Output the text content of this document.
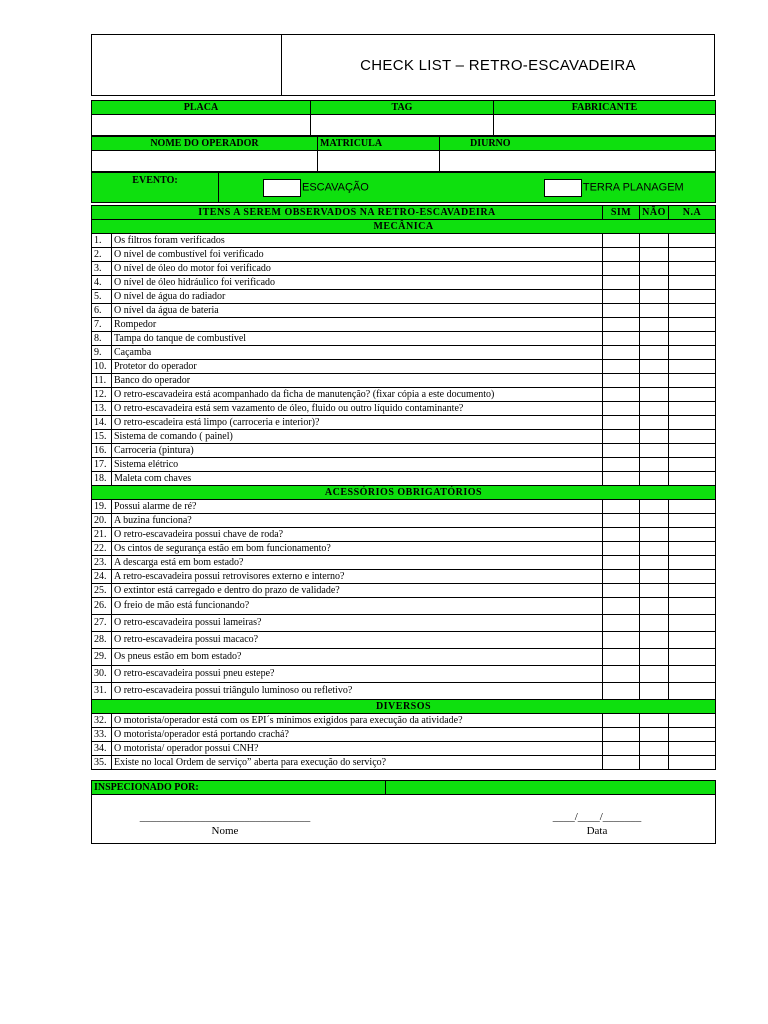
CHECK LIST – RETRO-ESCAVADEIRA
PLACA	TAG	FABRICANTE

NOME DO OPERADOR	MATRICULA	DIURNO

EVENTO:	ESCAVAÇÃO	TERRA PLANAGEM
ITENS A SEREM OBSERVADOS NA RETRO-ESCAVADEIRA		SIM	NÃO	N.A
MECÂNICA				
1.	Os filtros foram verificados			
2.	O nível de combustível foi verificado			
3.	O nível de óleo do motor foi verificado			
4.	O nível de óleo hidráulico foi verificado			
5.	O nível de água do radiador			
6.	O nível da água de bateria			
7.	Rompedor			
8.	Tampa do tanque de combustível			
9.	Caçamba			
10.	Protetor do operador			
11.	Banco do operador			
12.	O retro-escavadeira está acompanhado da ficha de manutenção? (fixar cópia a este documento)			
13.	O retro-escavadeira está sem vazamento de óleo, fluido ou outro líquido contaminante?			
14.	O retro-escadeira está limpo (carroceria e interior)?			
15.	Sistema de comando ( painel)			
16.	Carroceria (pintura)			
17.	Sistema elétrico			
18.	Maleta com chaves			
ACESSÓRIOS OBRIGATÓRIOS				
19.	Possui alarme de ré?			
20.	A buzina funciona?			
21.	O retro-escavadeira possui chave de roda?			
22.	Os cintos de segurança estão em bom funcionamento?			
23.	A descarga está em bom estado?			
24.	A retro-escavadeira possui retrovisores externo e interno?			
25.	O extintor está carregado e dentro do prazo de validade?			
26.	O freio de mão está funcionando?			
27.	O retro-escavadeira possui lameiras?			
28.	O retro-escavadeira possui macaco?			
29.	Os pneus estão em bom estado?			
30.	O retro-escavadeira possui pneu estepe?			
31.	O retro-escavadeira possui triângulo luminoso ou refletivo?			
DIVERSOS				
32.	O motorista/operador está com os EPI´s mínimos exigidos para execução da atividade?			
33.	O motorista/operador está portando crachá?			
34.	O motorista/ operador possui CNH?			
35.	Existe no local Ordem de serviço” aberta para execução do serviço?			
INSPECIONADO POR:	

_______________________________
Nome
____/____/_______
Data
